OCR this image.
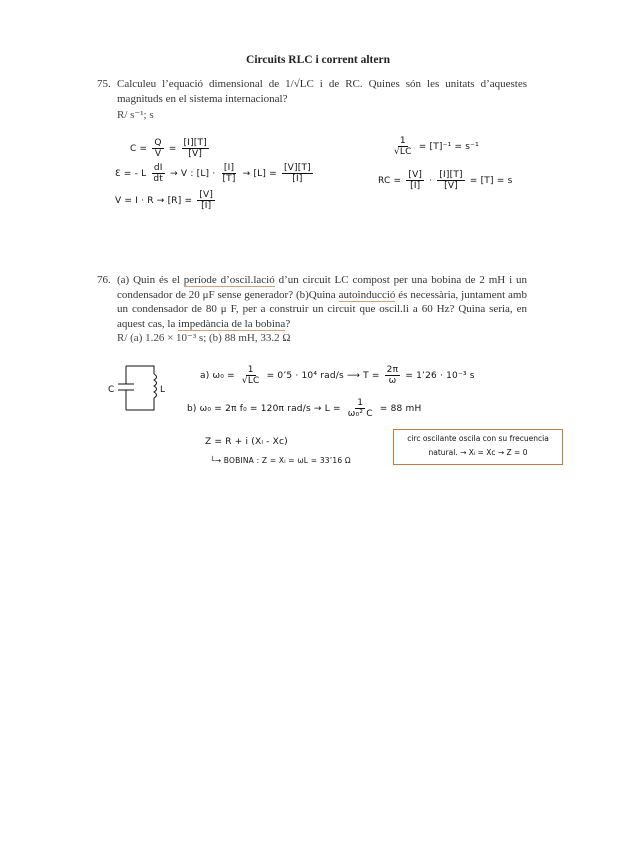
Circuits RLC i corrent altern
75. Calculeu l’equació dimensional de 1/√LC i de RC. Quines són les unitats d’aquestes magnituds en el sistema internacional?
R/ s⁻¹; s
$C = \frac{Q}{V} = \frac{[I][T]}{[V]}$
Ɛ = - L $\frac{dI}{dt} \to V$ : $[L] \cdot \frac{[I]}{[T]} \to [L] = \frac{[V][T]}{[I]}$
$V = I \cdot R \to [R] = \frac{[V]}{[I]}$
$\frac{1}{√LC} = [T]^{-1} = s^{-1}$
RC = $\frac{[V]}{[I]} \cdot \frac{[I][T]}{[V]} = [T] = s$
76. (a) Quin és el període d’oscil.lació d’un circuit LC compost per una bobina de 2 mH i un condensador de 20 μF sense generador? (b)Quina autoinducció és necessària, juntament amb un condensador de 80 μ F, per a construir un circuit que oscil.li a 60 Hz? Quina seria, en aquest cas, la impedància de la bobina?
R/ (a) 1.26 × 10⁻³ s; (b) 88 mH, 33.2 Ω
C	L
a) $\omega_0 = \frac{1}{√LC}$ = 0’5 · 10⁴ rad/s ⟶ $T = \frac{2\pi}{\omega}$ = 1’26 · 10⁻³ s
b) ω₀ = 2π f₀ = 120π $rad/s \to L = \frac{1}{\text{ω₀² C}} = 88$ mH
Z = R + i (Xₗ - Xᴄ)
└→ BOBINA : Z = Xₗ = ωL = 33’16 Ω
circ oscilante oscila con su frecuencia
natural. → Xₗ = Xᴄ → Z = 0
